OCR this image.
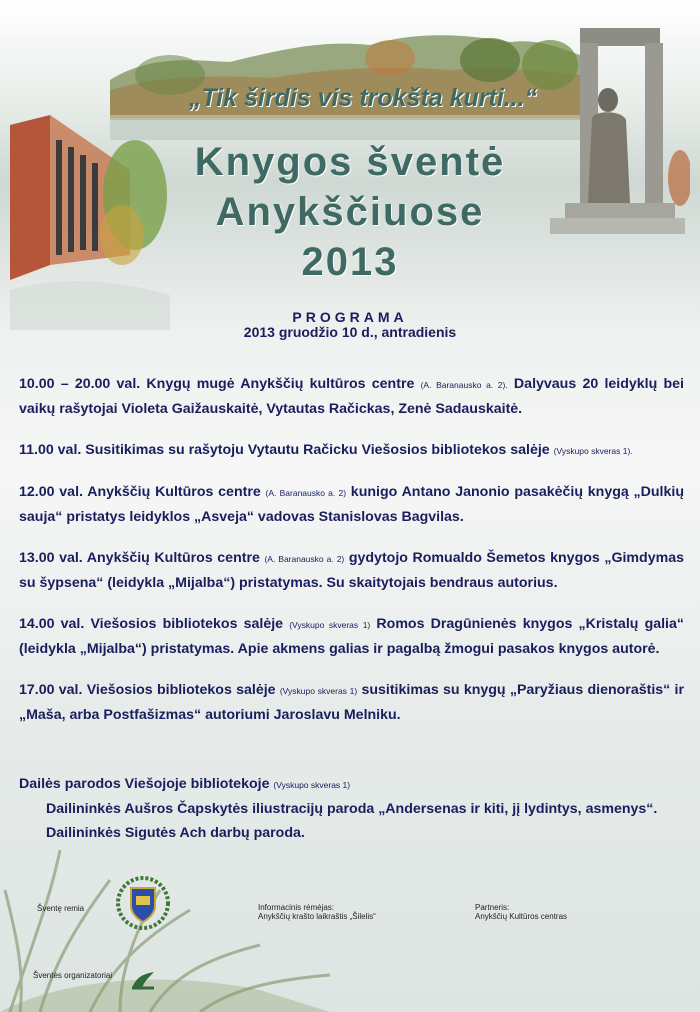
„Tik širdis vis trokšta kurti...“

Knygos šventė
Anykščiuose
2013

PROGRAMA

2013 gruodžio 10 d., antradienis

10.00 – 20.00 val. Knygų mugė Anykščių kultūros centre (A. Baranausko a. 2). Dalyvaus 20 leidyklų bei vaikų rašytojai Violeta Gaižauskaitė, Vytautas Račickas, Zenė Sadauskaitė.

11.00 val. Susitikimas su rašytoju Vytautu Račicku Viešosios bibliotekos salėje (Vyskupo skveras 1).

12.00 val. Anykščių Kultūros centre (A. Baranausko a. 2) kunigo Antano Janonio pasakėčių knygą „Dulkių sauja“ pristatys leidyklos „Asveja“ vadovas Stanislovas Bagvilas.

13.00 val. Anykščių Kultūros centre (A. Baranausko a. 2) gydytojo Romualdo Šemetos knygos „Gimdymas su šypsena“ (leidykla „Mijalba“) pristatymas. Su skaitytojais bendraus autorius.

14.00 val. Viešosios bibliotekos salėje (Vyskupo skveras 1) Romos Dragūnienės knygos „Kristalų galia“ (leidykla „Mijalba“) pristatymas. Apie akmens galias ir pagalbą žmogui pasakos knygos autorė.

17.00 val. Viešosios bibliotekos salėje (Vyskupo skveras 1) susitikimas su knygų „Paryžiaus dienoraštis“ ir „Maša, arba Postfašizmas“ autoriumi Jaroslavu Melniku.

Dailės parodos Viešojoje bibliotekoje (Vyskupo skveras 1)

Dailininkės Aušros Čapskytės iliustracijų paroda „Andersenas ir kiti, jį lydintys, asmenys“.

Dailininkės Sigutės Ach darbų paroda.

Šventę remia	Informacinis rėmėjas:

Anykščių krašto laikraštis „Šilelis“

Partneris:

Anykščių Kultūros centras

Šventės organizatoriai
